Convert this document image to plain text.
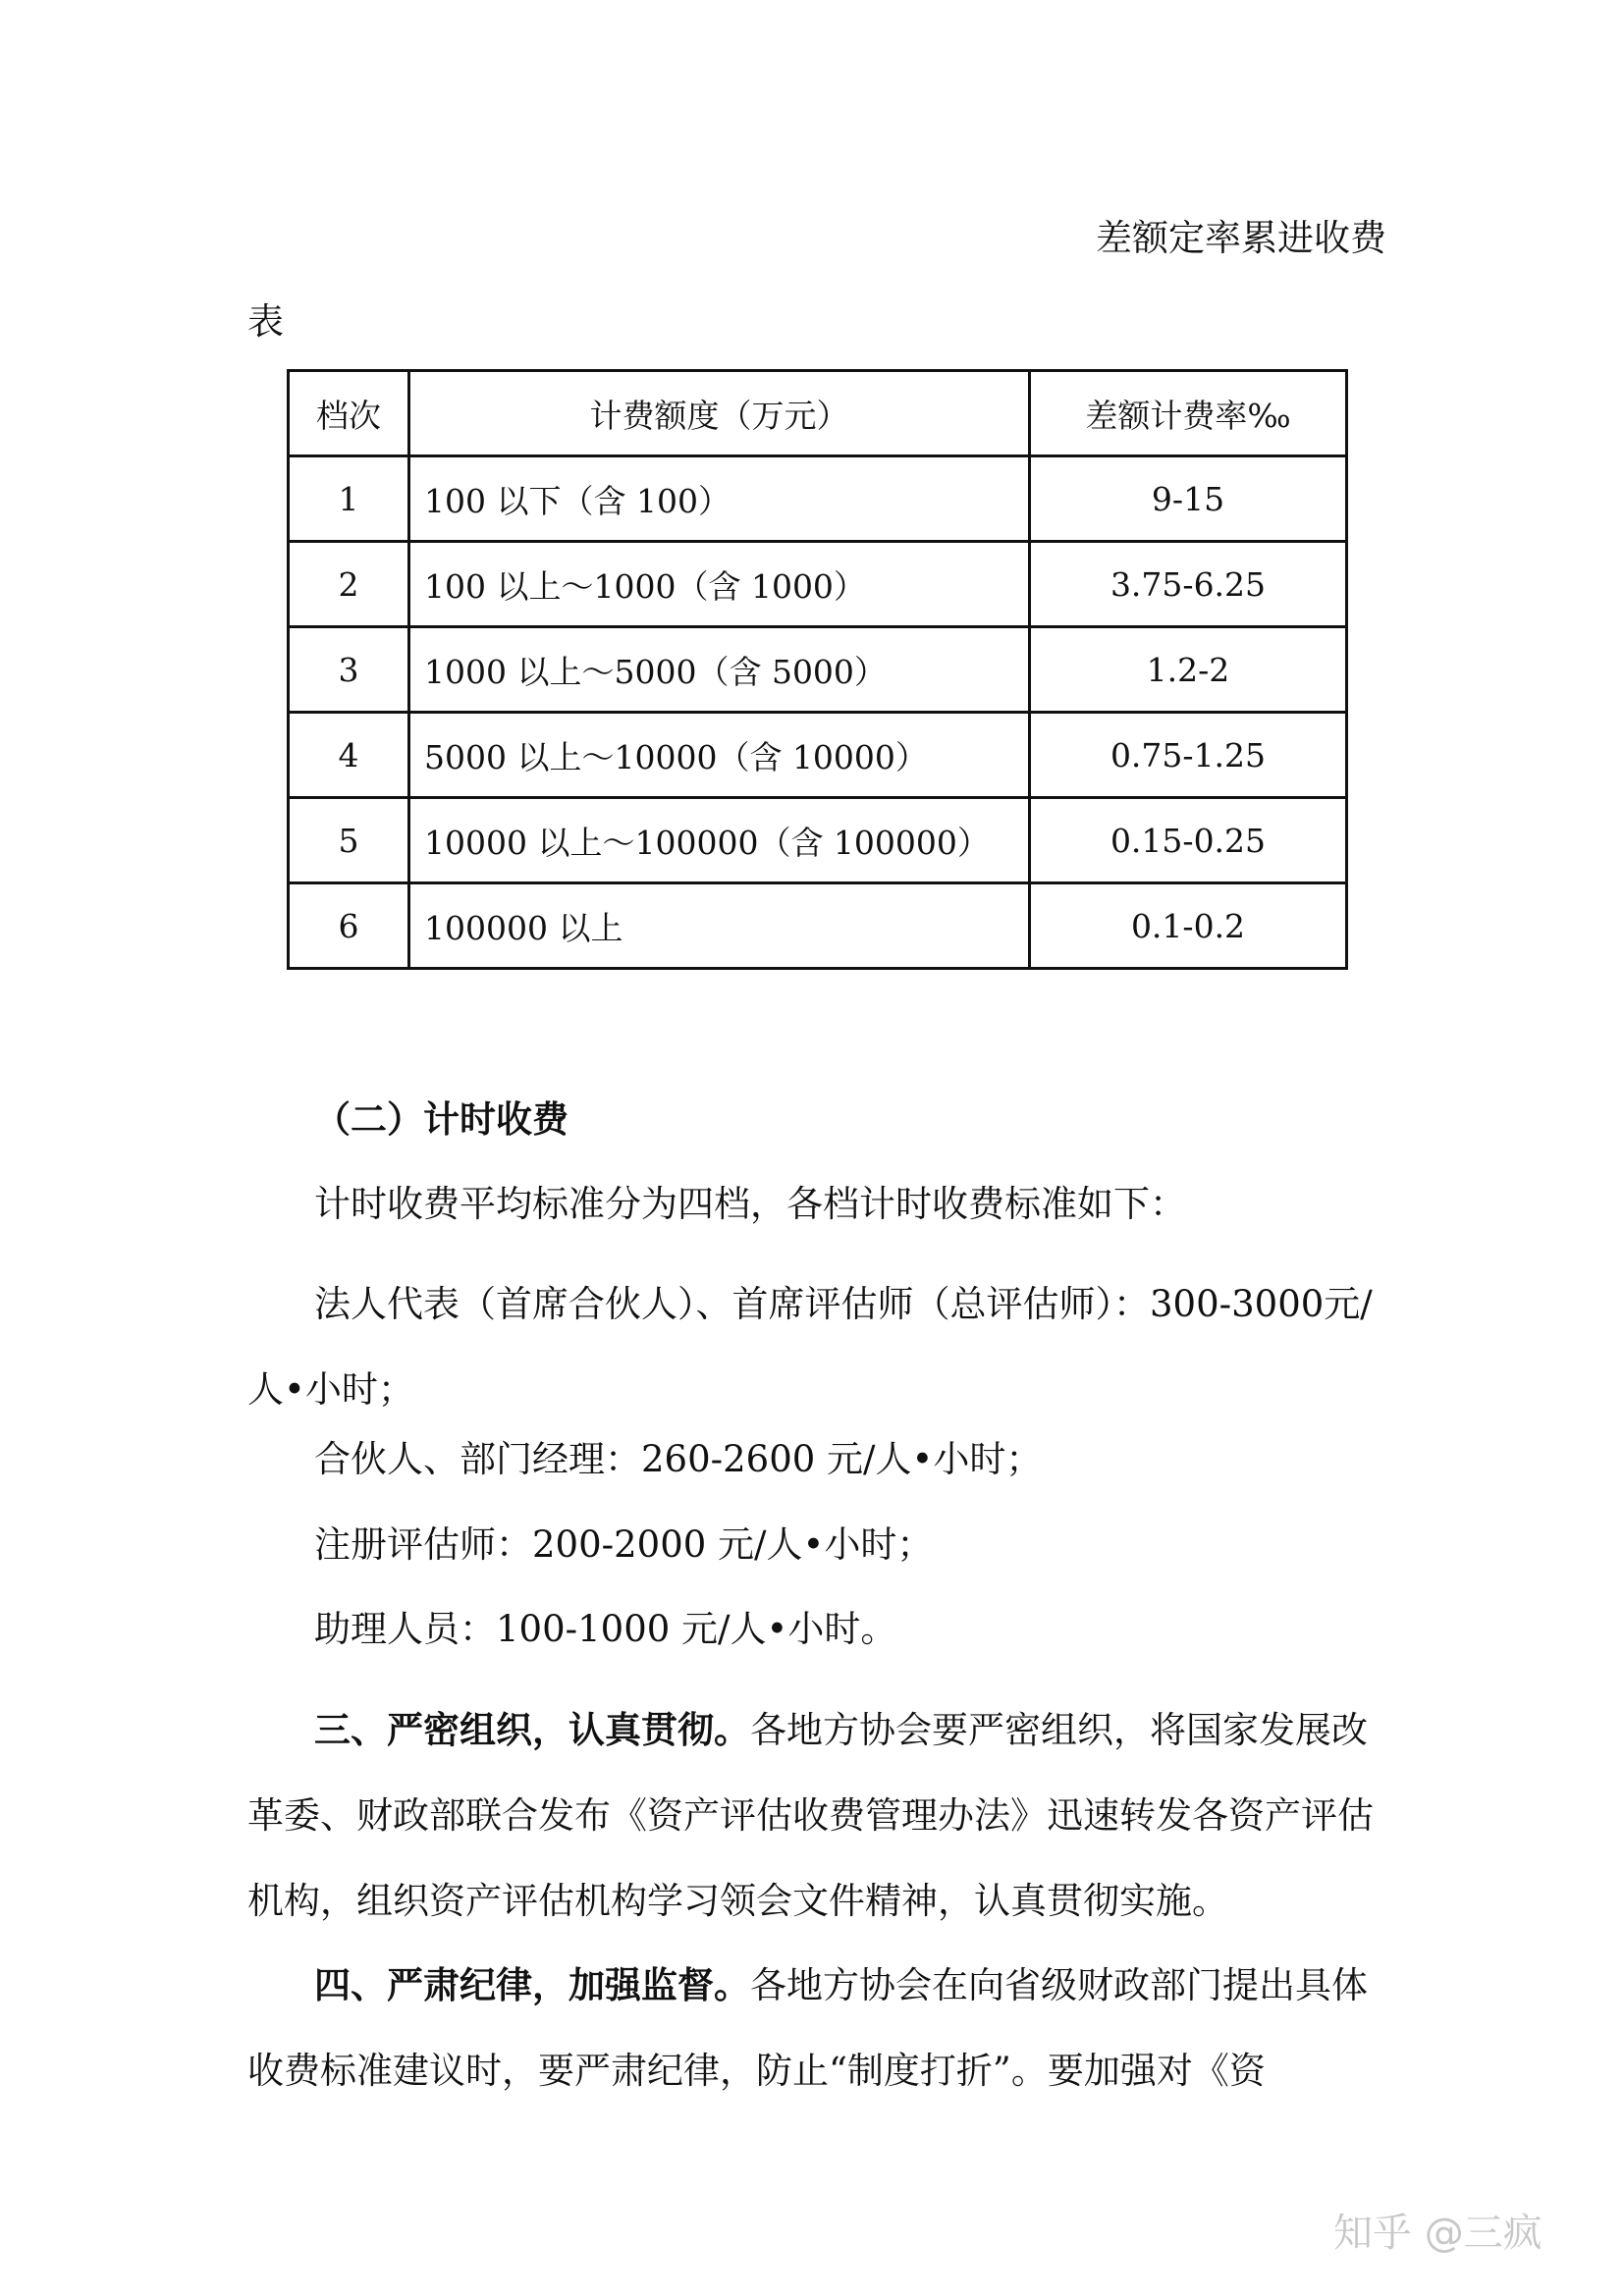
差额定率累进收费
表
档次	计费额度（万元）	差额计费率‰
1	100 以下（含 100）	9-15
2	100 以上～1000（含 1000）	3.75-6.25
3	1000 以上～5000（含 5000）	1.2-2
4	5000 以上～10000（含 10000）	0.75-1.25
5	10000 以上～100000（含 100000）	0.15-0.25
6	100000 以上	0.1-0.2
（二）计时收费
计时收费平均标准分为四档，各档计时收费标准如下：
法人代表（首席合伙人）、首席评估师（总评估师）：300-3000元/人•小时；
合伙人、部门经理：260-2600 元/人•小时；
注册评估师：200-2000 元/人•小时；
助理人员：100-1000 元/人•小时。
三、严密组织，认真贯彻。各地方协会要严密组织，将国家发展改革委、财政部联合发布《资产评估收费管理办法》迅速转发各资产评估机构，组织资产评估机构学习领会文件精神，认真贯彻实施。
四、严肃纪律，加强监督。各地方协会在向省级财政部门提出具体收费标准建议时，要严肃纪律，防止“制度打折”。要加强对《资
知乎 @三疯
